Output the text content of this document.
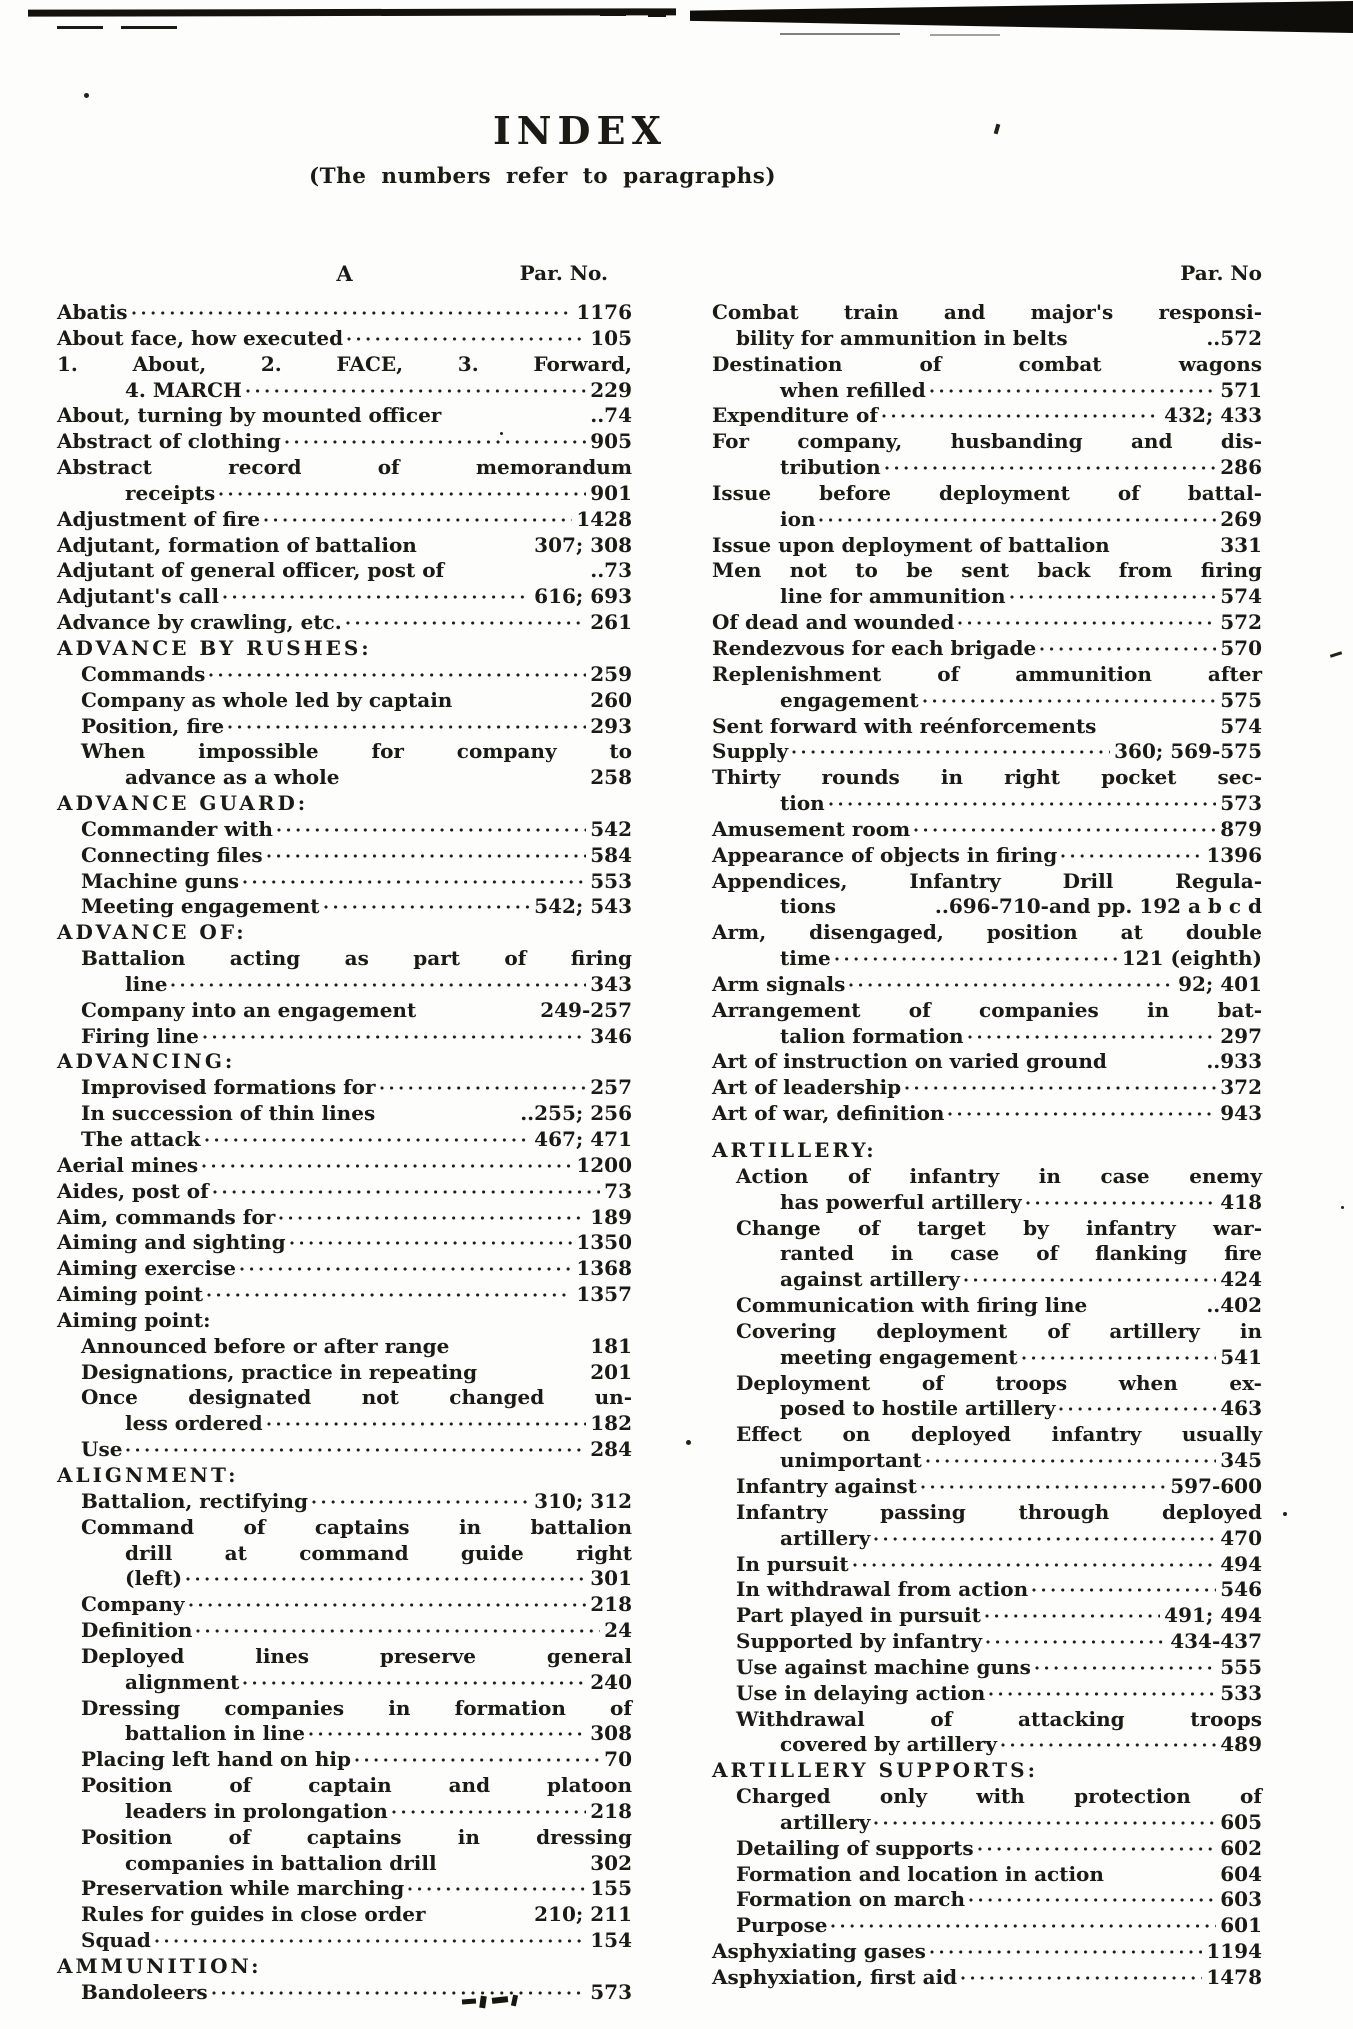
INDEX
(The numbers refer to paragraphs)
A	Par. No.	Par. No
Abatis	1176
About face, how executed	105
1. About, 2. FACE, 3. Forward,
4. MARCH	229
About, turning by mounted officer	..74
Abstract of clothing	905
Abstract record of memorandum
receipts	901
Adjustment of fire	1428
Adjutant, formation of battalion	307; 308
Adjutant of general officer, post of	..73
Adjutant's call	616; 693
Advance by crawling, etc.	261
ADVANCE BY RUSHES:
Commands	259
Company as whole led by captain	260
Position, fire	293
When impossible for company to
advance as a whole	258
ADVANCE GUARD:
Commander with	542
Connecting files	584
Machine guns	553
Meeting engagement	542; 543
ADVANCE OF:
Battalion acting as part of firing
line	343
Company into an engagement	249-257
Firing line	346
ADVANCING:
Improvised formations for	257
In succession of thin lines	..255; 256
The attack	467; 471
Aerial mines	1200
Aides, post of	73
Aim, commands for	189
Aiming and sighting	1350
Aiming exercise	1368
Aiming point	1357
Aiming point:
Announced before or after range	181
Designations, practice in repeating	201
Once designated not changed un-
less ordered	182
Use	284
ALIGNMENT:
Battalion, rectifying	310; 312
Command of captains in battalion
drill at command guide right
(left)	301
Company	218
Definition	24
Deployed lines preserve general
alignment	240
Dressing companies in formation of
battalion in line	308
Placing left hand on hip	70
Position of captain and platoon
leaders in prolongation	218
Position of captains in dressing
companies in battalion drill	302
Preservation while marching	155
Rules for guides in close order	210; 211
Squad	154
AMMUNITION:
Bandoleers	573
Combat train and major's responsi-
bility for ammunition in belts	..572
Destination of combat wagons
when refilled	571
Expenditure of	432; 433
For company, husbanding and dis-
tribution	286
Issue before deployment of battal-
ion	269
Issue upon deployment of battalion	331
Men not to be sent back from firing
line for ammunition	574
Of dead and wounded	572
Rendezvous for each brigade	570
Replenishment of ammunition after
engagement	575
Sent forward with reénforcements	574
Supply	360; 569-575
Thirty rounds in right pocket sec-
tion	573
Amusement room	879
Appearance of objects in firing	1396
Appendices, Infantry Drill Regula-
tions	..696-710-and pp. 192 a b c d
Arm, disengaged, position at double
time	121 (eighth)
Arm signals	92; 401
Arrangement of companies in bat-
talion formation	297
Art of instruction on varied ground	..933
Art of leadership	372
Art of war, definition	943
ARTILLERY:
Action of infantry in case enemy
has powerful artillery	418
Change of target by infantry war-
ranted in case of flanking fire
against artillery	424
Communication with firing line	..402
Covering deployment of artillery in
meeting engagement	541
Deployment of troops when ex-
posed to hostile artillery	463
Effect on deployed infantry usually
unimportant	345
Infantry against	597-600
Infantry passing through deployed
artillery	470
In pursuit	494
In withdrawal from action	546
Part played in pursuit	491; 494
Supported by infantry	434-437
Use against machine guns	555
Use in delaying action	533
Withdrawal of attacking troops
covered by artillery	489
ARTILLERY SUPPORTS:
Charged only with protection of
artillery	605
Detailing of supports	602
Formation and location in action	604
Formation on march	603
Purpose	601
Asphyxiating gases	1194
Asphyxiation, first aid	1478
